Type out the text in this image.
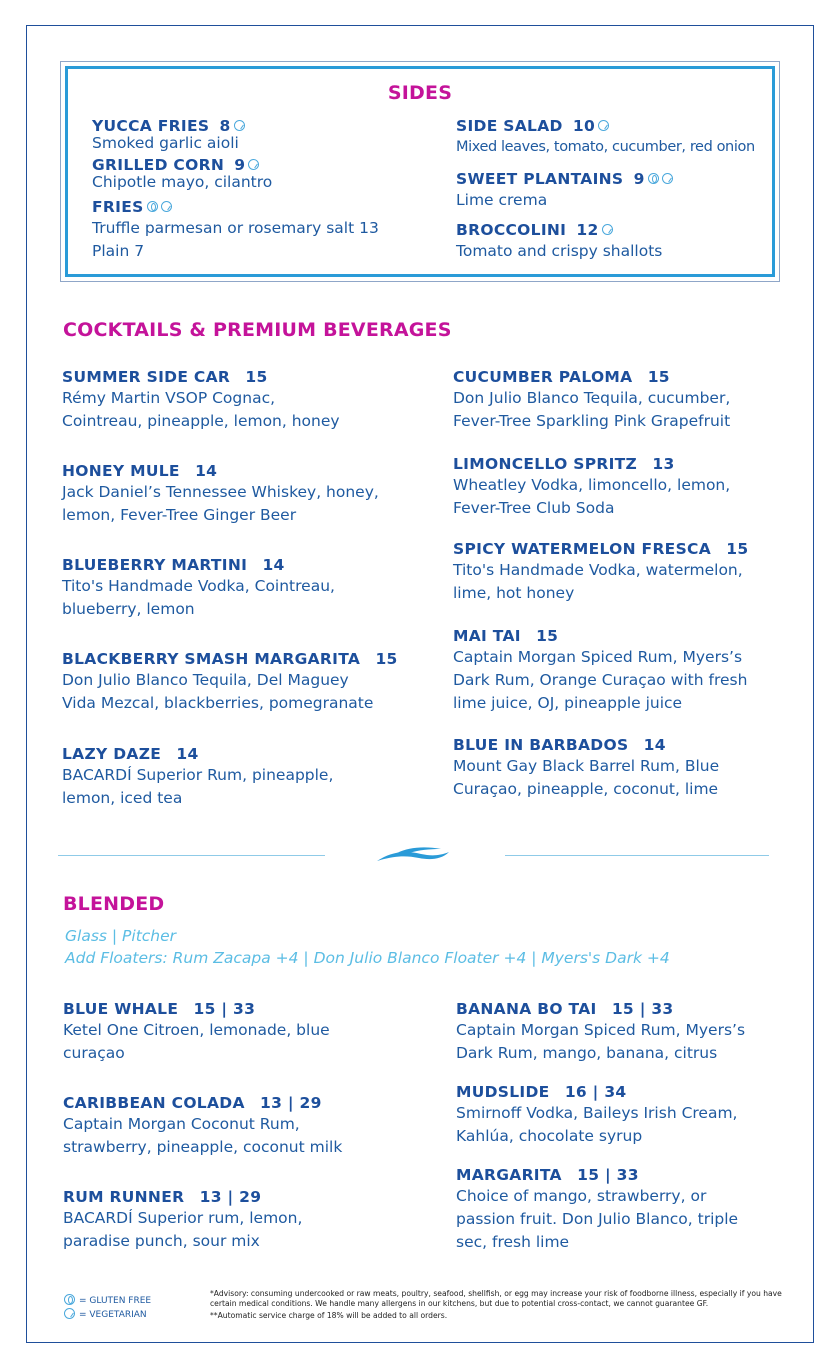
SIDES
YUCCA FRIES 8
Smoked garlic aioli
GRILLED CORN 9
Chipotle mayo, cilantro
FRIES
Truffle parmesan or rosemary salt 13
Plain 7
SIDE SALAD 10
Mixed leaves, tomato, cucumber, red onion
SWEET PLANTAINS 9
Lime crema
BROCCOLINI 12
Tomato and crispy shallots
COCKTAILS & PREMIUM BEVERAGES
SUMMER SIDE CAR 15
Rémy Martin VSOP Cognac,
Cointreau, pineapple, lemon, honey
HONEY MULE 14
Jack Daniel’s Tennessee Whiskey, honey,
lemon, Fever-Tree Ginger Beer
BLUEBERRY MARTINI 14
Tito's Handmade Vodka, Cointreau,
blueberry, lemon
BLACKBERRY SMASH MARGARITA 15
Don Julio Blanco Tequila, Del Maguey
Vida Mezcal, blackberries, pomegranate
LAZY DAZE 14
BACARDÍ Superior Rum, pineapple,
lemon, iced tea
CUCUMBER PALOMA 15
Don Julio Blanco Tequila, cucumber,
Fever-Tree Sparkling Pink Grapefruit
LIMONCELLO SPRITZ 13
Wheatley Vodka, limoncello, lemon,
Fever-Tree Club Soda
SPICY WATERMELON FRESCA 15
Tito's Handmade Vodka, watermelon,
lime, hot honey
MAI TAI 15
Captain Morgan Spiced Rum, Myers’s
Dark Rum, Orange Curaçao with fresh
lime juice, OJ, pineapple juice
BLUE IN BARBADOS 14
Mount Gay Black Barrel Rum, Blue
Curaçao, pineapple, coconut, lime
BLENDED
Glass | Pitcher
Add Floaters: Rum Zacapa +4 | Don Julio Blanco Floater +4 | Myers's Dark +4
BLUE WHALE 15 | 33
Ketel One Citroen, lemonade, blue
curaçao
CARIBBEAN COLADA 13 | 29
Captain Morgan Coconut Rum,
strawberry, pineapple, coconut milk
RUM RUNNER 13 | 29
BACARDÍ Superior rum, lemon,
paradise punch, sour mix
BANANA BO TAI 15 | 33
Captain Morgan Spiced Rum, Myers’s
Dark Rum, mango, banana, citrus
MUDSLIDE 16 | 34
Smirnoff Vodka, Baileys Irish Cream,
Kahlúa, chocolate syrup
MARGARITA 15 | 33
Choice of mango, strawberry, or
passion fruit. Don Julio Blanco, triple
sec, fresh lime
= GLUTEN FREE
= VEGETARIAN
*Advisory: consuming undercooked or raw meats, poultry, seafood, shellfish, or egg may increase your risk of foodborne illness, especially if you have certain medical conditions. We handle many allergens in our kitchens, but due to potential cross-contact, we cannot guarantee GF.
**Automatic service charge of 18% will be added to all orders.
